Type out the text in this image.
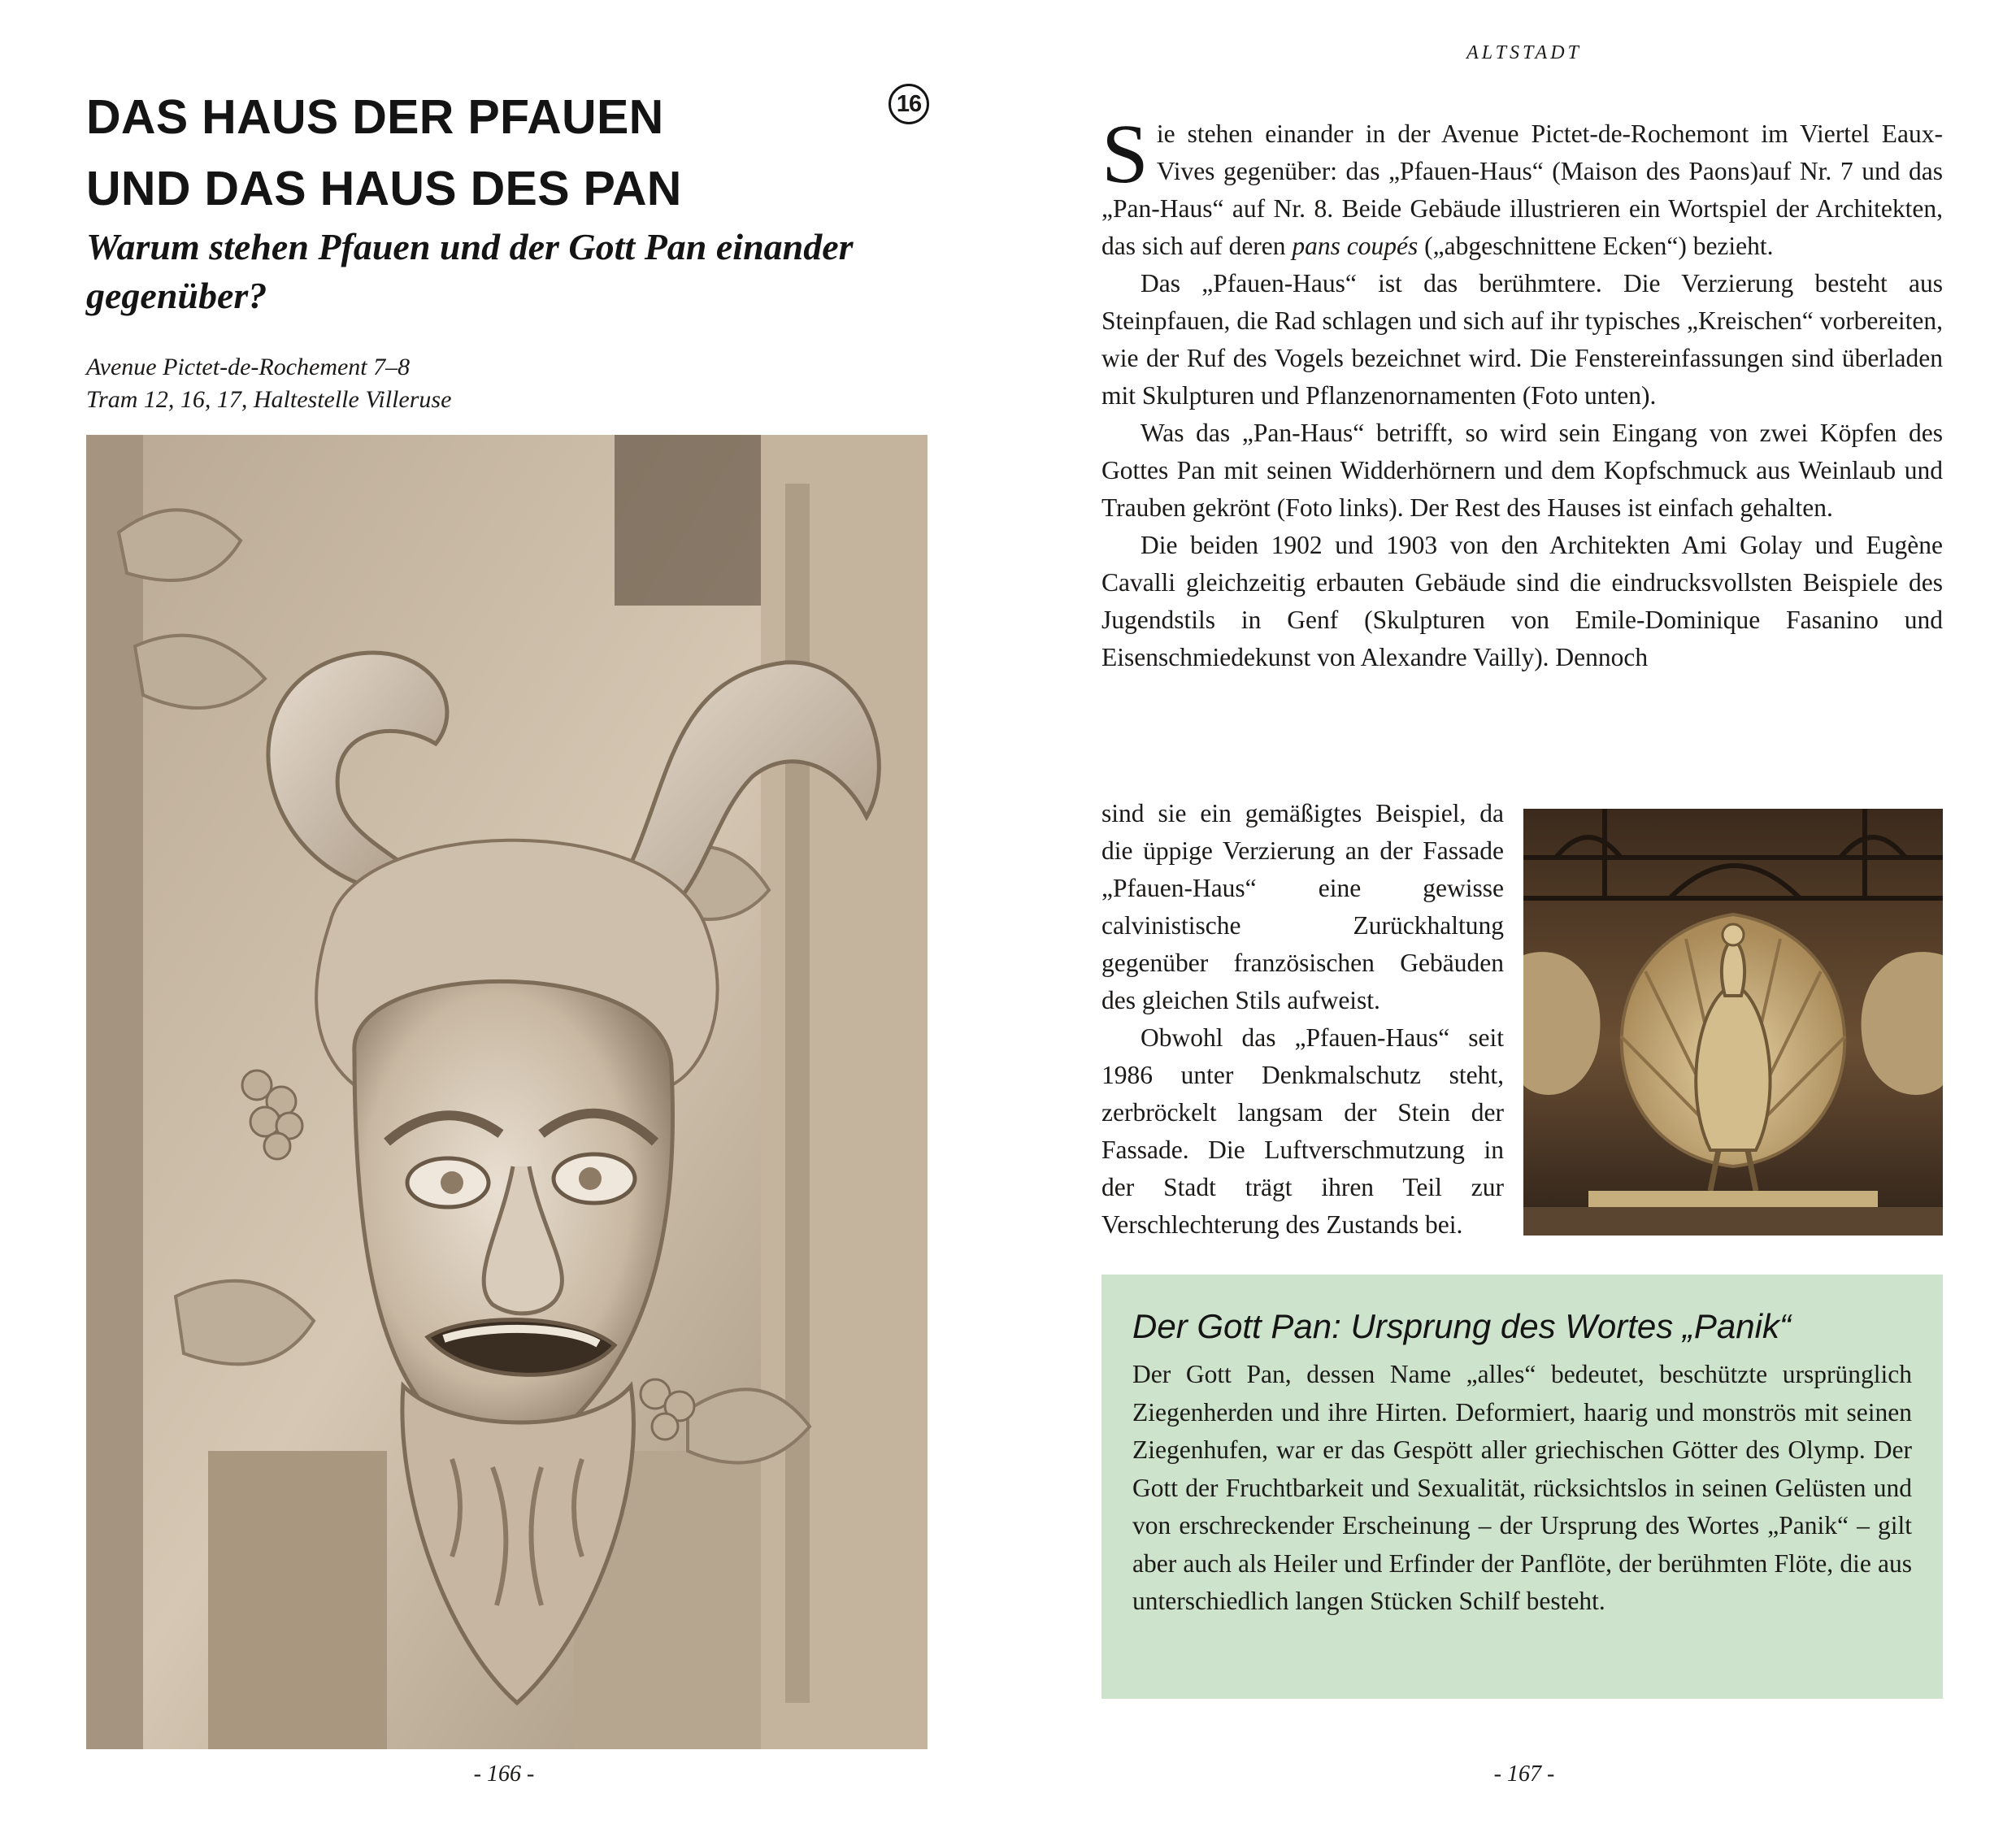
DAS HAUS DER PFAUEN
UND DAS HAUS DES PAN
16
Warum stehen Pfauen und der Gott Pan einander gegenüber?
Avenue Pictet-de-Rochement 7–8
Tram 12, 16, 17, Haltestelle Villeruse
- 166 -
ALTSTADT

Sie stehen einander in der Avenue Pictet-de-Rochemont im Viertel Eaux-Vives gegenüber: das „Pfauen-Haus“ (Maison des Paons)auf Nr. 7 und das „Pan-Haus“ auf Nr. 8. Beide Gebäude illustrieren ein Wortspiel der Architekten, das sich auf deren pans coupés („abgeschnittene Ecken“) bezieht.

Das „Pfauen-Haus“ ist das berühmtere. Die Verzierung besteht aus Steinpfauen, die Rad schlagen und sich auf ihr typisches „Kreischen“ vorbereiten, wie der Ruf des Vogels bezeichnet wird. Die Fenstereinfassungen sind überladen mit Skulpturen und Pflanzenornamenten (Foto unten).

Was das „Pan-Haus“ betrifft, so wird sein Eingang von zwei Köpfen des Gottes Pan mit seinen Widderhörnern und dem Kopfschmuck aus Weinlaub und Trauben gekrönt (Foto links). Der Rest des Hauses ist einfach gehalten.

Die beiden 1902 und 1903 von den Architekten Ami Golay und Eugène Cavalli gleichzeitig erbauten Gebäude sind die eindrucksvollsten Beispiele des Jugendstils in Genf (Skulpturen von Emile-Dominique Fasanino und Eisenschmiedekunst von Alexandre Vailly). Dennoch

sind sie ein gemäßigtes Beispiel, da die üppige Verzierung an der Fassade „Pfauen-Haus“ eine gewisse calvinistische Zurückhaltung gegenüber französischen Gebäuden des gleichen Stils aufweist.

Obwohl das „Pfauen-Haus“ seit 1986 unter Denkmalschutz steht, zerbröckelt langsam der Stein der Fassade. Die Luftverschmutzung in der Stadt trägt ihren Teil zur Verschlechterung des Zustands bei.

Der Gott Pan: Ursprung des Wortes „Panik“

Der Gott Pan, dessen Name „alles“ bedeutet, beschützte ursprünglich Ziegenherden und ihre Hirten. Deformiert, haarig und monströs mit seinen Ziegenhufen, war er das Gespött aller griechischen Götter des Olymp. Der Gott der Fruchtbarkeit und Sexualität, rücksichtslos in seinen Gelüsten und von erschreckender Erscheinung – der Ursprung des Wortes „Panik“ – gilt aber auch als Heiler und Erfinder der Panflöte, der berühmten Flöte, die aus unterschiedlich langen Stücken Schilf besteht.

- 167 -
